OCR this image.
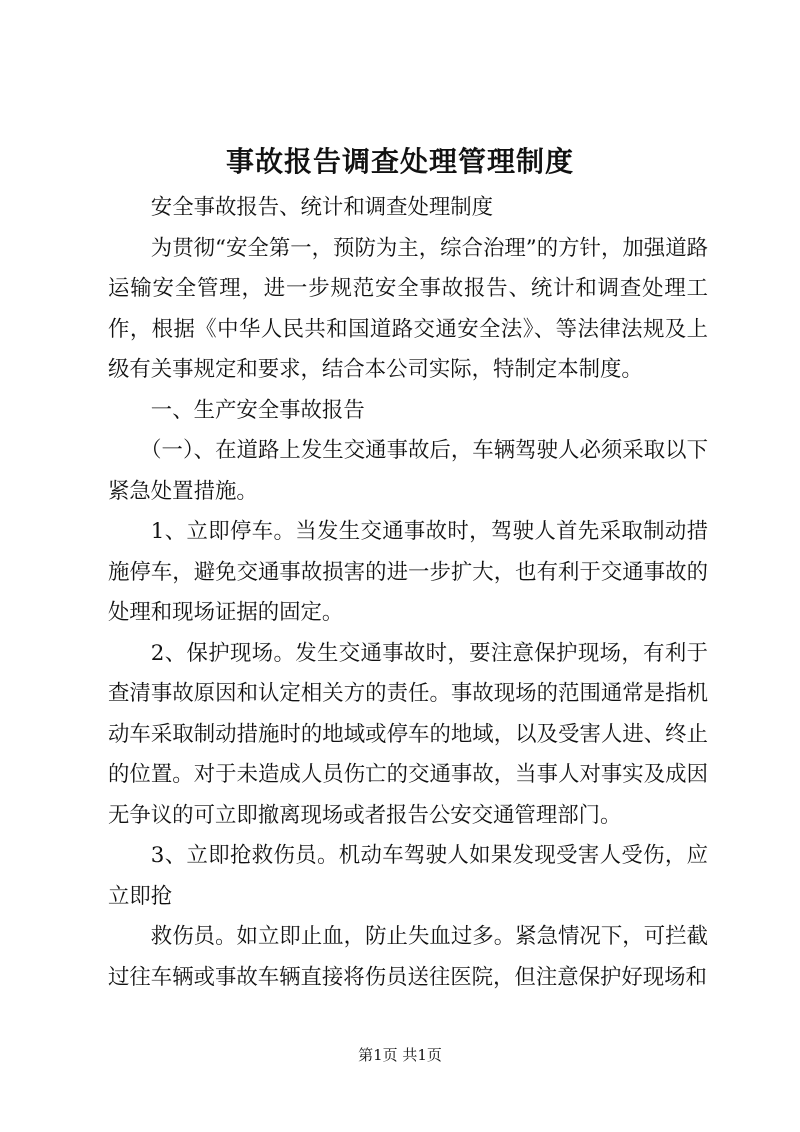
事故报告调查处理管理制度

安全事故报告、统计和调查处理制度

为贯彻“安全第一，预防为主，综合治理”的方针，加强道路运输安全管理，进一步规范安全事故报告、统计和调查处理工作，根据《中华人民共和国道路交通安全法》、等法律法规及上级有关事规定和要求，结合本公司实际，特制定本制度。

一、生产安全事故报告

（一）、在道路上发生交通事故后，车辆驾驶人必须采取以下紧急处置措施。

1、立即停车。当发生交通事故时，驾驶人首先采取制动措施停车，避免交通事故损害的进一步扩大，也有利于交通事故的处理和现场证据的固定。

2、保护现场。发生交通事故时，要注意保护现场，有利于查清事故原因和认定相关方的责任。事故现场的范围通常是指机动车采取制动措施时的地域或停车的地域，以及受害人进、终止的位置。对于未造成人员伤亡的交通事故，当事人对事实及成因无争议的可立即撤离现场或者报告公安交通管理部门。

3、立即抢救伤员。机动车驾驶人如果发现受害人受伤，应立即抢

救伤员。如立即止血，防止失血过多。紧急情况下，可拦截过往车辆或事故车辆直接将伤员送往医院，但注意保护好现场和

第1页 共1页
